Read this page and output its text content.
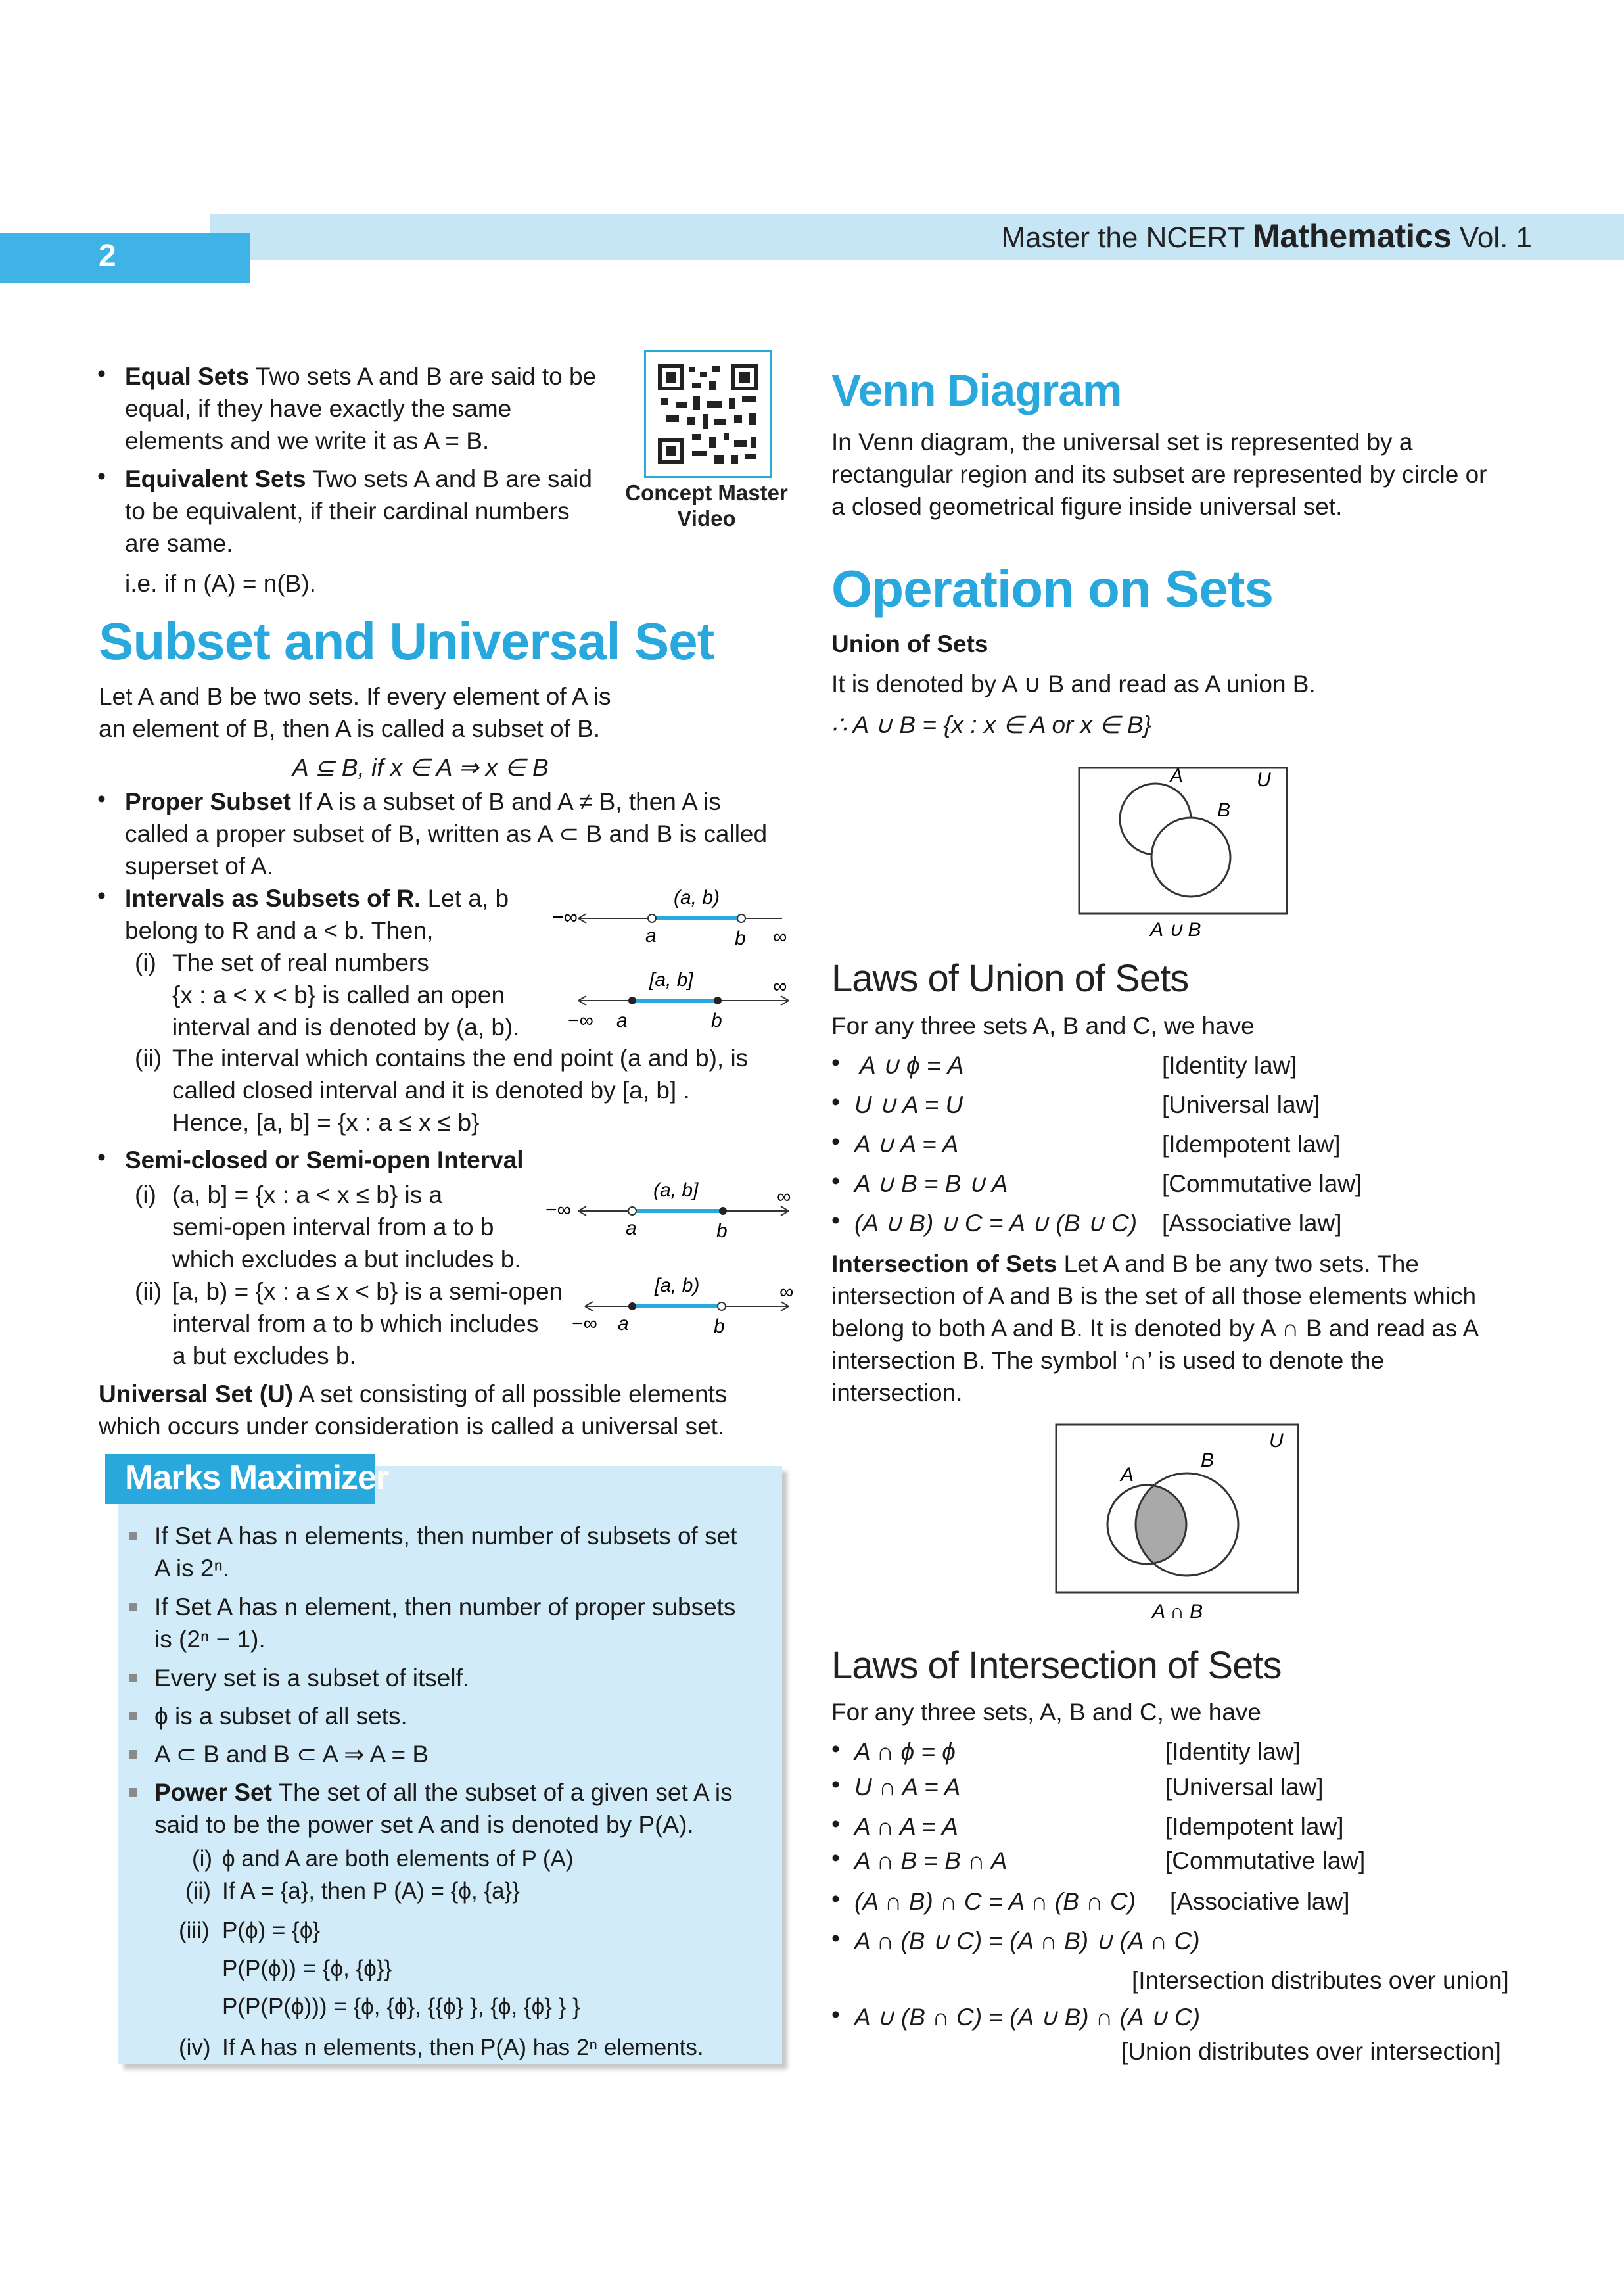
2
Master the NCERT Mathematics Vol. 1
Concept Master
Video
• Equal Sets Two sets A and B are said to be
equal, if they have exactly the same
elements and we write it as A = B.
• Equivalent Sets Two sets A and B are said
to be equivalent, if their cardinal numbers
are same.
i.e. if n (A) = n(B).
Subset and Universal Set
Let A and B be two sets. If every element of A is
an element of B, then A is called a subset of B.
A ⊆ B, if x ∈ A ⇒ x ∈ B
• Proper Subset If A is a subset of B and A ≠ B, then A is
called a proper subset of B, written as A ⊂ B and B is called
superset of A.
• Intervals as Subsets of R. Let a, b
belong to R and a < b. Then,
(i) The set of real numbers
{x : a < x < b} is called an open
interval and is denoted by (a, b).
(ii) The interval which contains the end point (a and b), is
called closed interval and it is denoted by [a, b] .
Hence, [a, b] = {x : a ≤ x ≤ b}
• Semi-closed or Semi-open Interval
(i) (a, b] = {x : a < x ≤ b} is a
semi-open interval from a to b
which excludes a but includes b.
(ii) [a, b) = {x : a ≤ x < b} is a semi-open
interval from a to b which includes
a but excludes b.
Universal Set (U) A set consisting of all possible elements
which occurs under consideration is called a universal set.
(a, b)
−∞
a	b ∞
[a, b]
−∞ a	b
∞
(a, b]
−∞
a	b
∞
[a, b)
−∞ a	b
∞
Marks Maximizer
If Set A has n elements, then number of subsets of set
A is 2ⁿ.
If Set A has n element, then number of proper subsets
is (2ⁿ − 1).
Every set is a subset of itself.
ϕ is a subset of all sets.
A ⊂ B and B ⊂ A ⇒ A = B
Power Set The set of all the subset of a given set A is
said to be the power set A and is denoted by P(A).
(i) ϕ and A are both elements of P (A)
(ii) If A = {a}, then P (A) = {ϕ, {a}}
(iii) P(ϕ) = {ϕ}
P(P(ϕ)) = {ϕ, {ϕ}}
P(P(P(ϕ))) = {ϕ, {ϕ}, {{ϕ} }, {ϕ, {ϕ} } }
(iv) If A has n elements, then P(A) has 2ⁿ elements.
Venn Diagram
In Venn diagram, the universal set is represented by a
rectangular region and its subset are represented by circle or
a closed geometrical figure inside universal set.
Operation on Sets
Union of Sets
It is denoted by A ∪ B and read as A union B.
∴ A ∪ B = {x : x ∈ A or x ∈ B}
A
B
U
A ∪ B
Laws of Union of Sets
For any three sets A, B and C, we have
• A ∪ ϕ = A	[Identity law]
• U ∪ A = U	[Universal law]
• A ∪ A = A	[Idempotent law]
• A ∪ B = B ∪ A	[Commutative law]
• (A ∪ B) ∪ C = A ∪ (B ∪ C) [Associative law]
Intersection of Sets Let A and B be any two sets. The
intersection of A and B is the set of all those elements which
belong to both A and B. It is denoted by A ∩ B and read as A
intersection B. The symbol ‘∩’ is used to denote the
intersection.
A
B
U
A ∩ B
Laws of Intersection of Sets
For any three sets, A, B and C, we have
• A ∩ ϕ = ϕ	[Identity law]
• U ∩ A = A	[Universal law]
• A ∩ A = A	[Idempotent law]
• A ∩ B = B ∩ A	[Commutative law]
• (A ∩ B) ∩ C = A ∩ (B ∩ C) [Associative law]
• A ∩ (B ∪ C) = (A ∩ B) ∪ (A ∩ C)
[Intersection distributes over union]
• A ∪ (B ∩ C) = (A ∪ B) ∩ (A ∪ C)
[Union distributes over intersection]
